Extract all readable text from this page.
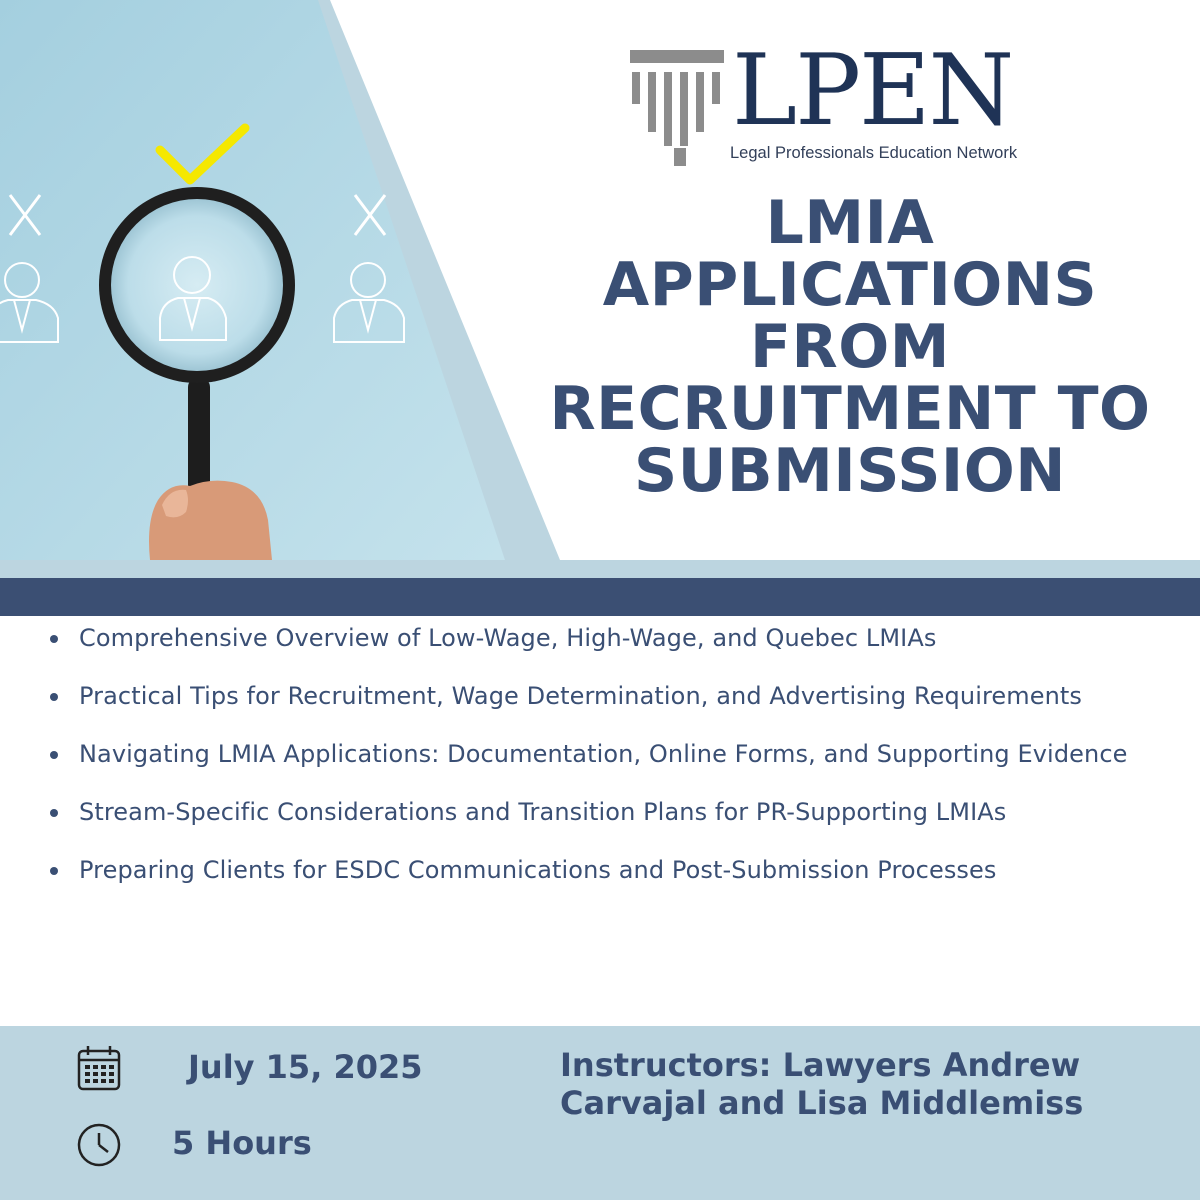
LPEN
Legal Professionals Education Network
LMIA
APPLICATIONS
FROM
RECRUITMENT TO
SUBMISSION
Comprehensive Overview of Low-Wage, High-Wage, and Quebec LMIAs
Practical Tips for Recruitment, Wage Determination, and Advertising Requirements
Navigating LMIA Applications: Documentation, Online Forms, and Supporting Evidence
Stream-Specific Considerations and Transition Plans for PR-Supporting LMIAs
Preparing Clients for ESDC Communications and Post-Submission Processes
July 15, 2025
5 Hours
Instructors: Lawyers Andrew Carvajal and Lisa Middlemiss
